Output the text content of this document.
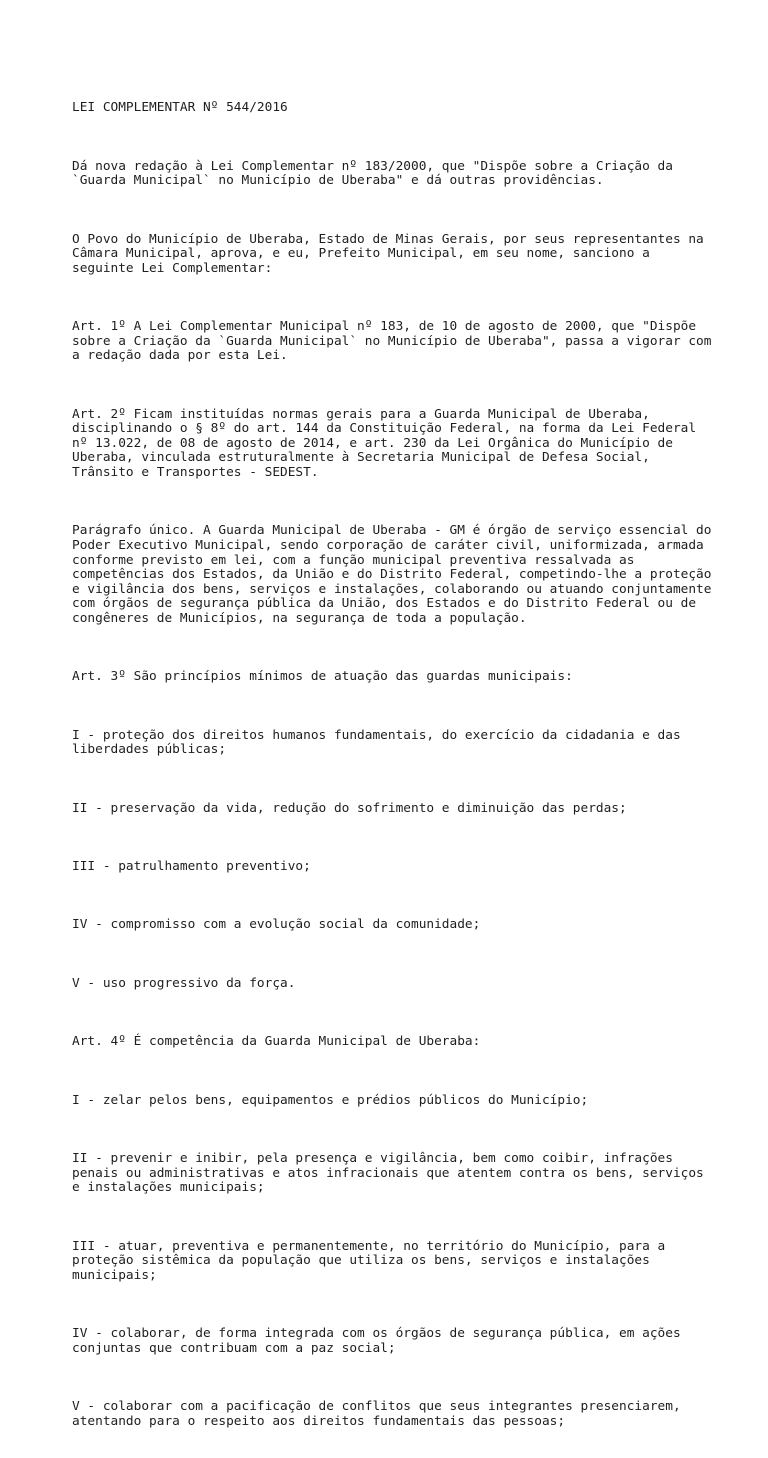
LEI COMPLEMENTAR Nº 544/2016

Dá nova redação à Lei Complementar nº 183/2000, que "Dispõe sobre a Criação da
`Guarda Municipal` no Município de Uberaba" e dá outras providências.

O Povo do Município de Uberaba, Estado de Minas Gerais, por seus representantes na
Câmara Municipal, aprova, e eu, Prefeito Municipal, em seu nome, sanciono a
seguinte Lei Complementar:

Art. 1º A Lei Complementar Municipal nº 183, de 10 de agosto de 2000, que "Dispõe
sobre a Criação da `Guarda Municipal` no Município de Uberaba", passa a vigorar com
a redação dada por esta Lei.

Art. 2º Ficam instituídas normas gerais para a Guarda Municipal de Uberaba,
disciplinando o § 8º do art. 144 da Constituição Federal, na forma da Lei Federal
nº 13.022, de 08 de agosto de 2014, e art. 230 da Lei Orgânica do Município de
Uberaba, vinculada estruturalmente à Secretaria Municipal de Defesa Social,
Trânsito e Transportes - SEDEST.

Parágrafo único. A Guarda Municipal de Uberaba - GM é órgão de serviço essencial do
Poder Executivo Municipal, sendo corporação de caráter civil, uniformizada, armada
conforme previsto em lei, com a função municipal preventiva ressalvada as
competências dos Estados, da União e do Distrito Federal, competindo-lhe a proteção
e vigilância dos bens, serviços e instalações, colaborando ou atuando conjuntamente
com órgãos de segurança pública da União, dos Estados e do Distrito Federal ou de
congêneres de Municípios, na segurança de toda a população.

Art. 3º São princípios mínimos de atuação das guardas municipais:

I - proteção dos direitos humanos fundamentais, do exercício da cidadania e das
liberdades públicas;

II - preservação da vida, redução do sofrimento e diminuição das perdas;

III - patrulhamento preventivo;

IV - compromisso com a evolução social da comunidade;

V - uso progressivo da força.

Art. 4º É competência da Guarda Municipal de Uberaba:

I - zelar pelos bens, equipamentos e prédios públicos do Município;

II - prevenir e inibir, pela presença e vigilância, bem como coibir, infrações
penais ou administrativas e atos infracionais que atentem contra os bens, serviços
e instalações municipais;

III - atuar, preventiva e permanentemente, no território do Município, para a
proteção sistêmica da população que utiliza os bens, serviços e instalações
municipais;

IV - colaborar, de forma integrada com os órgãos de segurança pública, em ações
conjuntas que contribuam com a paz social;

V - colaborar com a pacificação de conflitos que seus integrantes presenciarem,
atentando para o respeito aos direitos fundamentais das pessoas;
